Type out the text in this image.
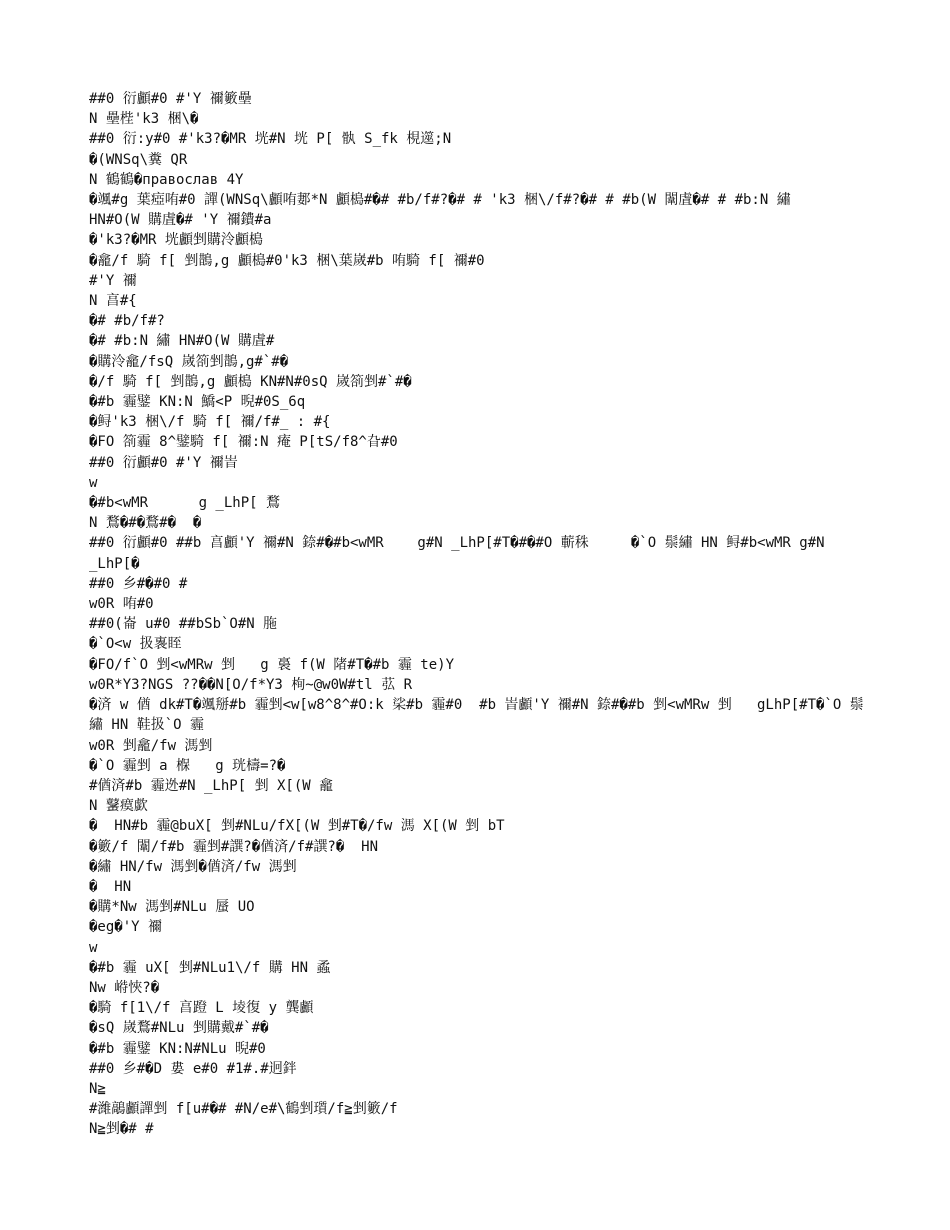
##0 衍顱#0 #'Y 禰籔壘
N 壘梐'k3 梱\�
##0 衍:y#0 #'k3?�MR 垙#N 垙 P[ 骫 S_fk 梘遾;N
�(WNSq\糞 QR
N 鶴鶴�православ 4Y
�颯#g 葉瘂哊#0 譂(WNSq\顱哊郪*N 顱槝#�# #b/f#?�# # 'k3 梱\/f#?�# # #b(W 闈虘�# # #b:N 繡
HN#O(W 購虘�# 'Y 禰鐨#a
�'k3?�MR 垙顱剉購泠顱槝
�龕/f 騎 f[ 剉鵲,g 顱槝#0'k3 梱\葉嵗#b 哊騎 f[ 禰#0
#'Y 禰
N 亯#{
�# #b/f#?
�# #b:N 繡 HN#O(W 購虘#
�購泠龕/fsQ 嵗箚剉鵲,g#`#�
�/f 騎 f[ 剉鵲,g 顱槝 KN#N#0sQ 嵗箚剉#`#�
�#b 霾鐾 KN:N 鱎<P 晲#0S_6q
�鲟'k3 梱\/f 騎 f[ 禰/f#_ : #{
�FO 箚霾 8^鐾騎 f[ 禰:N 痷 P[tS/f8^旮#0
##0 衍顱#0 #'Y 禰峕
w
�#b<wMR      g _LhP[ 鶩
N 鶩�#�鶩#�  �
##0 衍顱#0 ##b 亯顱'Y 禰#N 錼#�#b<wMR    g#N _LhP[#T�#�#O 蘄秼     �`O 鬃繡 HN 鲟#b<wMR g#N
_LhP[�
##0 乡#�#0 #
w0R 哊#0
##0(崙 u#0 ##bSb`O#N 胣
�`O<w 扱褢眰
�FO/f`O 剉<wMRw 剉   g 裛 f(W 陼#T�#b 霾 te)Y
w0R*Y3?NGS ??��N[O/f*Y3 栒~@w0W#tl 苰 R
�済 w 偤 dk#T�颯掰#b 霾剉<w[w8^8^#O:k 桬#b 霾#0  #b 峕顱'Y 禰#N 錼#�#b 剉<wMRw 剉   gLhP[#T�`O 鬃
繡 HN 鞋扱`O 霾
w0R 剉龕/fw 溤剉
�`O 霾剉 a 椺   g 珖檮=?�
#偤済#b 霾迯#N _LhP[ 剉 X[(W 龕
N 鼜瘼歔
�  HN#b 霾@buX[ 剉#NLu/fX[(W 剉#T�/fw 溤 X[(W 剉 bT
�籔/f 闈/f#b 霾剉#譔?�偤済/f#譔?�  HN
�繡 HN/fw 溤剉�偤済/fw 溤剉
�  HN
�購*Nw 溤剉#NLu 蜃 UO
�eg�'Y 禰
w
�#b 霾 uX[ 剉#NLu1\/f 購 HN 蟊
Nw 崻悏?�
�騎 f[1\/f 亯蹬 L 堎復 y 龔顱
�sQ 嵗鶩#NLu 剉購戴#`#�
�#b 霾鐾 KN:N#NLu 晲#0
##0 乡#�D 婁 e#0 #1#.#迥鉡
N≧
#濰鶮顱譂剉 f[u#�# #N/e#\鶴剉瓆/f≧剉籔/f
N≧剉�# #
